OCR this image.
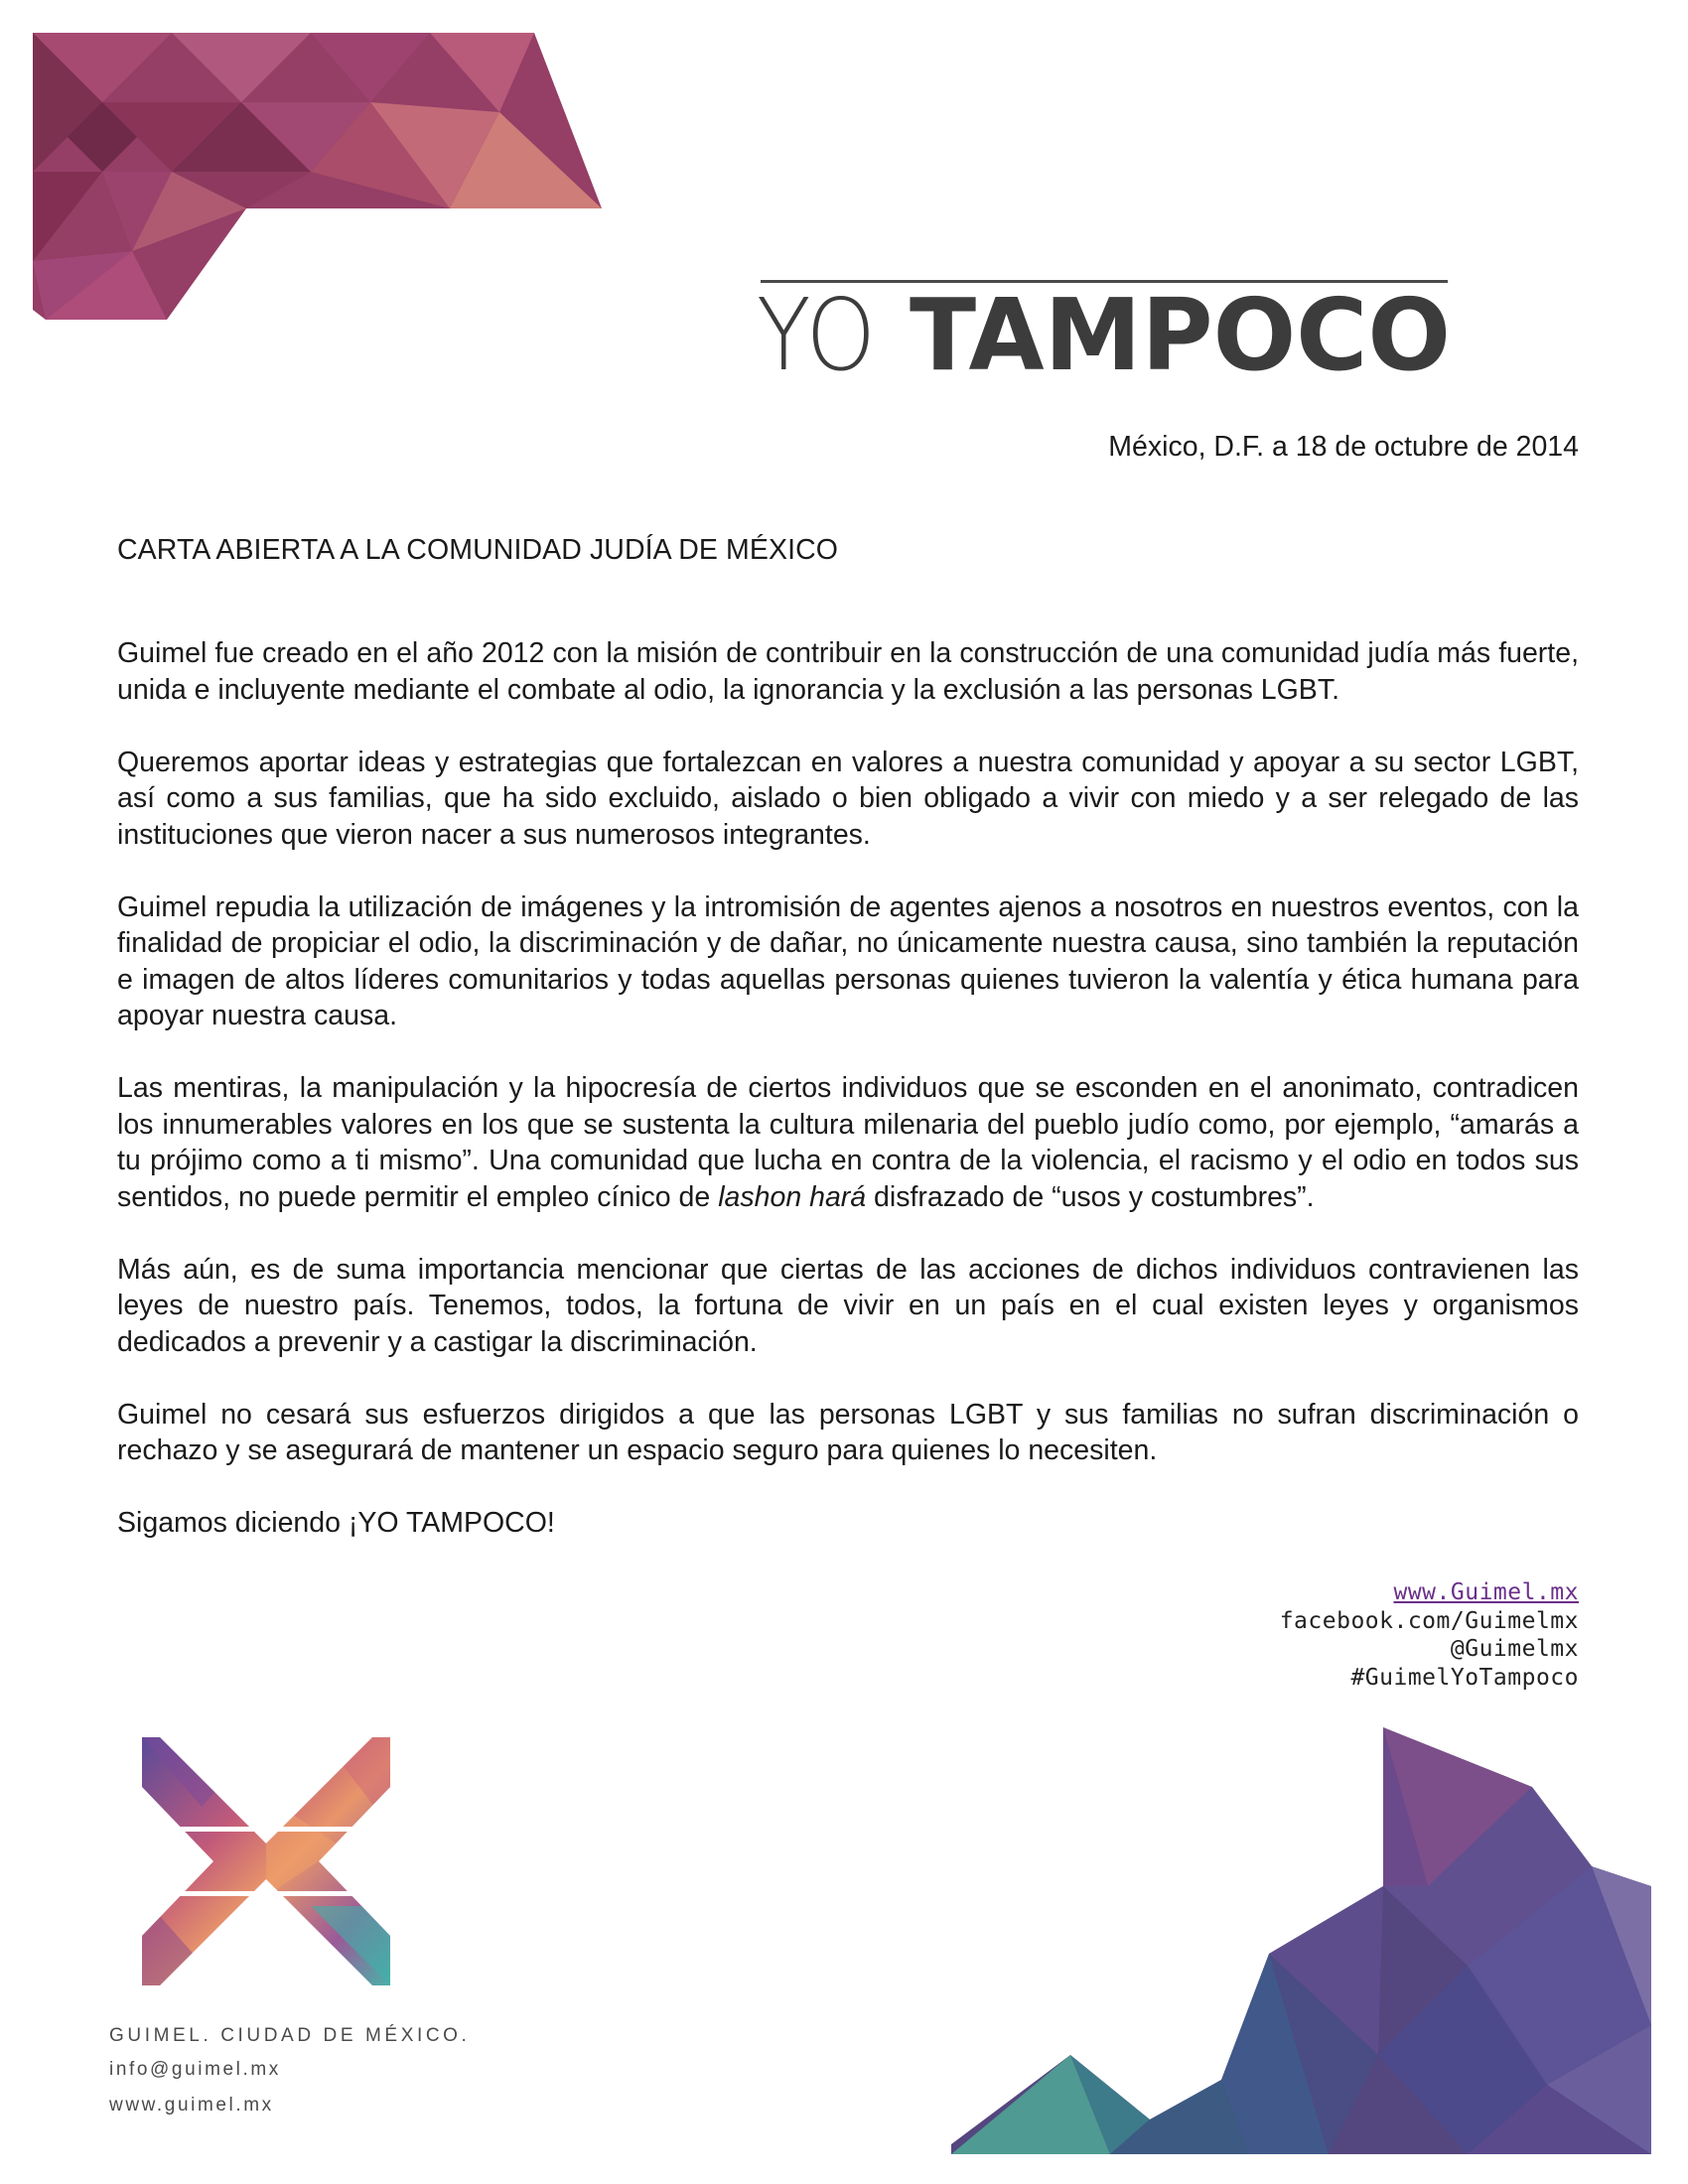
YO TAMPOCO
México, D.F. a 18 de octubre de 2014
CARTA ABIERTA A LA COMUNIDAD JUDÍA DE MÉXICO

Guimel fue creado en el año 2012 con la misión de contribuir en la construcción de una comunidad judía más fuerte, unida e incluyente mediante el combate al odio, la ignorancia y la exclusión a las personas LGBT.

Queremos aportar ideas y estrategias que fortalezcan en valores a nuestra comunidad y apoyar a su sector LGBT, así como a sus familias, que ha sido excluido, aislado o bien obligado a vivir con miedo y a ser relegado de las instituciones que vieron nacer a sus numerosos integrantes.

Guimel repudia la utilización de imágenes y la intromisión de agentes ajenos a nosotros en nuestros eventos, con la finalidad de propiciar el odio, la discriminación y de dañar, no únicamente nuestra causa, sino también la reputación e imagen de altos líderes comunitarios y todas aquellas personas quienes tuvieron la valentía y ética humana para apoyar nuestra causa.

Las mentiras, la manipulación y la hipocresía de ciertos individuos que se esconden en el anonimato, contradicen los innumerables valores en los que se sustenta la cultura milenaria del pueblo judío como, por ejemplo, “amarás a tu prójimo como a ti mismo”. Una comunidad que lucha en contra de la violencia, el racismo y el odio en todos sus sentidos, no puede permitir el empleo cínico de lashon hará disfrazado de “usos y costumbres”.

Más aún, es de suma importancia mencionar que ciertas de las acciones de dichos individuos contravienen las leyes de nuestro país. Tenemos, todos, la fortuna de vivir en un país en el cual existen leyes y organismos dedicados a prevenir y a castigar la discriminación.

Guimel no cesará sus esfuerzos dirigidos a que las personas LGBT y sus familias no sufran discriminación o rechazo y se asegurará de mantener un espacio seguro para quienes lo necesiten.

Sigamos diciendo ¡YO TAMPOCO!

www.Guimel.mx
facebook.com/Guimelmx
@Guimelmx
#GuimelYoTampoco
GUIMEL. CIUDAD DE MÉXICO.
info@guimel.mx
www.guimel.mx
